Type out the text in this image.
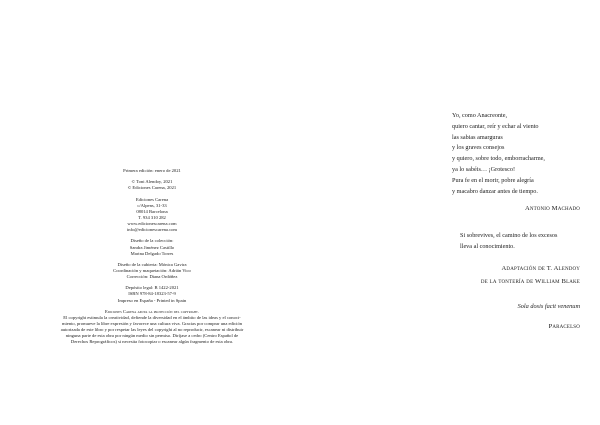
Primera edición: enero de 2021
© Toni Alendoy, 2021
© Ediciones Carena, 2021
Ediciones Carena
c/Alpens, 31-33
08014 Barcelona
T. 934 310 282
www.edicionescarena.com
info@edicionescarena.com
Diseño de la colección:
Sandra Jiménez Castillo
Marina Delgado Torres
Diseño de la cubierta: Mónica Gavira
Coordinación y maquetación: Adrián Vico
Corrección: Diana Ordóñez
Depósito legal: B 1422-2021
ISBN 978-84-18323-57-9
Impreso en España - Printed in Spain
Ediciones Carena apoya la protección del copyright.
El copyright estimula la creatividad, defiende la diversidad en el ámbito de las ideas y el conoci-
miento, promueve la libre expresión y favorece una cultura viva. Gracias por comprar una edición
autorizada de este libro y por respetar las leyes del copyright al no reproducir, escanear ni distribuir
ninguna parte de esta obra por ningún medio sin permiso. Diríjase a cedro (Centro Español de
Derechos Reprográficos) si necesita fotocopiar o escanear algún fragmento de esta obra.
Yo, como Anacreonte,
quiero cantar, reír y echar al viento
las sabias amarguras
y los graves consejos
y quiero, sobre todo, emborracharme,
ya lo sabéis… ¡Grotesco!
Pura fe en el morir, pobre alegría
y macabro danzar antes de tiempo.
Antonio Machado
Si sobrevives, el camino de los excesos
lleva al conocimiento.
Adaptación de T. Alendoy
de la tontería de William Blake
Sola dosis facit venenum
Paracelso
